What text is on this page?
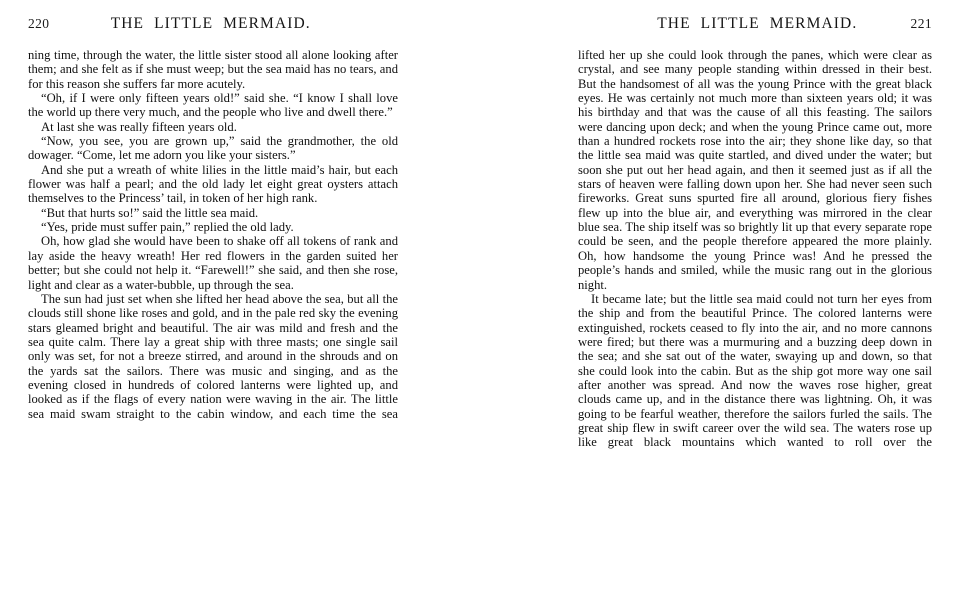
220	THE LITTLE MERMAID.

ning time, through the water, the little sister stood all alone looking after them; and she felt as if she must weep; but the sea maid has no tears, and for this reason she suffers far more acutely.

“Oh, if I were only fifteen years old!” said she. “I know I shall love the world up there very much, and the people who live and dwell there.”

At last she was really fifteen years old.

“Now, you see, you are grown up,” said the grandmother, the old dowager. “Come, let me adorn you like your sisters.”

And she put a wreath of white lilies in the little maid’s hair, but each flower was half a pearl; and the old lady let eight great oysters attach themselves to the Princess’ tail, in token of her high rank.

“But that hurts so!” said the little sea maid.

“Yes, pride must suffer pain,” replied the old lady.

Oh, how glad she would have been to shake off all tokens of rank and lay aside the heavy wreath! Her red flowers in the garden suited her better; but she could not help it. “Farewell!” she said, and then she rose, light and clear as a water-bubble, up through the sea.

The sun had just set when she lifted her head above the sea, but all the clouds still shone like roses and gold, and in the pale red sky the evening stars gleamed bright and beautiful. The air was mild and fresh and the sea quite calm. There lay a great ship with three masts; one single sail only was set, for not a breeze stirred, and around in the shrouds and on the yards sat the sailors. There was music and singing, and as the evening closed in hundreds of colored lanterns were lighted up, and looked as if the flags of every nation were waving in the air. The little sea maid swam straight to the cabin window, and each time the sea

THE LITTLE MERMAID.	221

lifted her up she could look through the panes, which were clear as crystal, and see many people standing within dressed in their best. But the handsomest of all was the young Prince with the great black eyes. He was certainly not much more than sixteen years old; it was his birthday and that was the cause of all this feasting. The sailors were dancing upon deck; and when the young Prince came out, more than a hundred rockets rose into the air; they shone like day, so that the little sea maid was quite startled, and dived under the water; but soon she put out her head again, and then it seemed just as if all the stars of heaven were falling down upon her. She had never seen such fireworks. Great suns spurted fire all around, glorious fiery fishes flew up into the blue air, and everything was mirrored in the clear blue sea. The ship itself was so brightly lit up that every separate rope could be seen, and the people therefore appeared the more plainly. Oh, how handsome the young Prince was! And he pressed the people’s hands and smiled, while the music rang out in the glorious night.

It became late; but the little sea maid could not turn her eyes from the ship and from the beautiful Prince. The colored lanterns were extinguished, rockets ceased to fly into the air, and no more cannons were fired; but there was a murmuring and a buzzing deep down in the sea; and she sat out of the water, swaying up and down, so that she could look into the cabin. But as the ship got more way one sail after another was spread. And now the waves rose higher, great clouds came up, and in the distance there was lightning. Oh, it was going to be fearful weather, therefore the sailors furled the sails. The great ship flew in swift career over the wild sea. The waters rose up like great black mountains which wanted to roll over the
